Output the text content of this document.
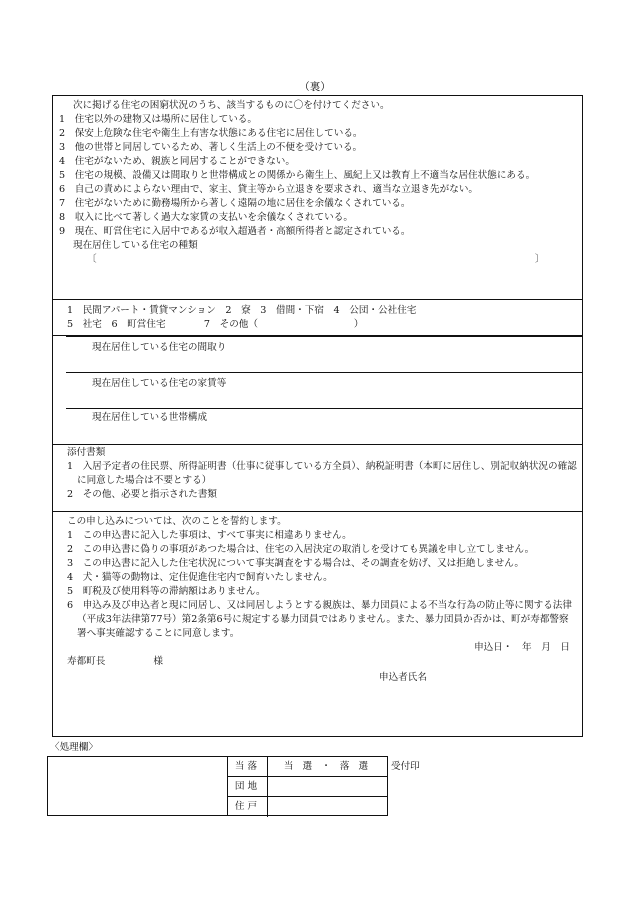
（裏）
次に掲げる住宅の困窮状況のうち、該当するものに〇を付けてください。
1　住宅以外の建物又は場所に居住している。
2　保安上危険な住宅や衛生上有害な状態にある住宅に居住している。
3　他の世帯と同居しているため、著しく生活上の不便を受けている。
4　住宅がないため、親族と同居することができない。
5　住宅の規模、設備又は間取りと世帯構成との関係から衛生上、風紀上又は教育上不適当な居住状態にある。
6　自己の責めによらない理由で、家主、貸主等から立退きを要求され、適当な立退き先がない。
7　住宅がないために勤務場所から著しく遠隔の地に居住を余儀なくされている。
8　収入に比べて著しく過大な家賃の支払いを余儀なくされている。
9　現在、町営住宅に入居中であるが収入超過者・高額所得者と認定されている。
現在居住している住宅の種類
〔	〕
1　民間アパート・賃貸マンション　2　寮　3　借間・下宿　4　公団・公社住宅
5　社宅　6　町営住宅　　　　7　その他（　　　　　　　　　　）
現在居住している住宅の間取り
現在居住している住宅の家賃等
現在居住している世帯構成
添付書類
1　入居予定者の住民票、所得証明書（仕事に従事している方全員）、納税証明書（本町に居住し、別記収納状況の確認に同意した場合は不要とする）
2　その他、必要と指示された書類
この申し込みについては、次のことを誓約します。
1　この申込書に記入した事項は、すべて事実に相違ありません。
2　この申込書に偽りの事項があつた場合は、住宅の入居決定の取消しを受けても異議を申し立てしません。
3　この申込書に記入した住宅状況について事実調査をする場合は、その調査を妨げ、又は拒絶しません。
4　犬・猫等の動物は、定住促進住宅内で飼育いたしません。
5　町税及び使用料等の滞納額はありません。
6　申込み及び申込者と現に同居し、又は同居しようとする親族は、暴力団員による不当な行為の防止等に関する法律（平成3年法律第77号）第2条第6号に規定する暴力団員ではありません。また、暴力団員か否かは、町が寿都警察署へ事実確認することに同意します。
申込日・　年　月　日
寿都町長　　　　　様
申込者氏名
〈処理欄〉
当落	当 選 ・ 落 選
団地
住戸
受付印
